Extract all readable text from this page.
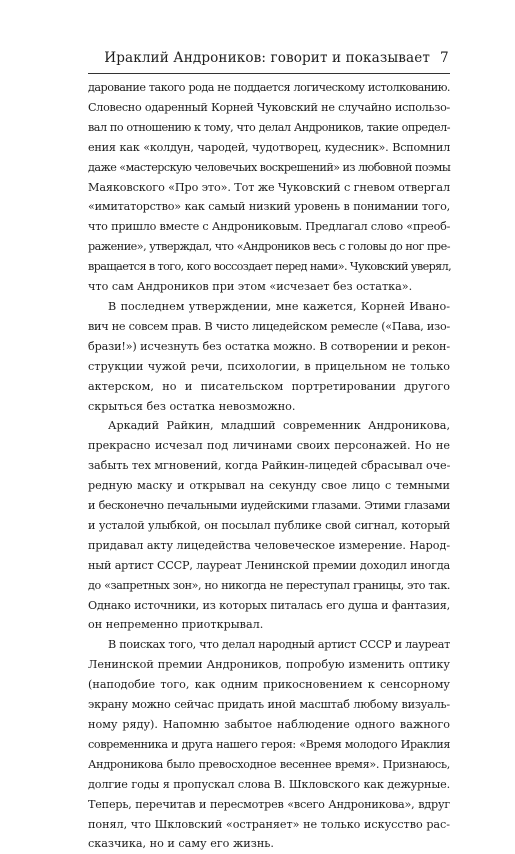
Ираклий Андроников: говорит и показывает 7
дарование такого рода не поддается логическому истолкованию.
Словесно одаренный Корней Чуковский не случайно использо-
вал по отношению к тому, что делал Андроников, такие определ-
ения как «колдун, чародей, чудотворец, кудесник». Вспомнил
даже «мастерскую человечьих воскрешений» из любовной поэмы
Маяковского «Про это». Тот же Чуковский с гневом отвергал
«имитаторство» как самый низкий уровень в понимании того,
что пришло вместе с Андрониковым. Предлагал слово «преоб-
ражение», утверждал, что «Андроников весь с головы до ног пре-
вращается в того, кого воссоздает перед нами». Чуковский уверял,
что сам Андроников при этом «исчезает без остатка».
В последнем утверждении, мне кажется, Корней Ивано-
вич не совсем прав. В чисто лицедейском ремесле («Пава, изо-
брази!») исчезнуть без остатка можно. В сотворении и рекон-
струкции чужой речи, психологии, в прицельном не только
актерском, но и писательском портретировании другого
скрыться без остатка невозможно.
Аркадий Райкин, младший современник Андроникова,
прекрасно исчезал под личинами своих персонажей. Но не
забыть тех мгновений, когда Райкин-лицедей сбрасывал оче-
редную маску и открывал на секунду свое лицо с темными
и бесконечно печальными иудейскими глазами. Этими глазами
и усталой улыбкой, он посылал публике свой сигнал, который
придавал акту лицедейства человеческое измерение. Народ-
ный артист СССР, лауреат Ленинской премии доходил иногда
до «запретных зон», но никогда не переступал границы, это так.
Однако источники, из которых питалась его душа и фантазия,
он непременно приоткрывал.
В поисках того, что делал народный артист СССР и лауреат
Ленинской премии Андроников, попробую изменить оптику
(наподобие того, как одним прикосновением к сенсорному
экрану можно сейчас придать иной масштаб любому визуаль-
ному ряду). Напомню забытое наблюдение одного важного
современника и друга нашего героя: «Время молодого Ираклия
Андроникова было превосходное весеннее время». Признаюсь,
долгие годы я пропускал слова В. Шкловского как дежурные.
Теперь, перечитав и пересмотрев «всего Андроникова», вдруг
понял, что Шкловский «остраняет» не только искусство рас-
сказчика, но и саму его жизнь.
